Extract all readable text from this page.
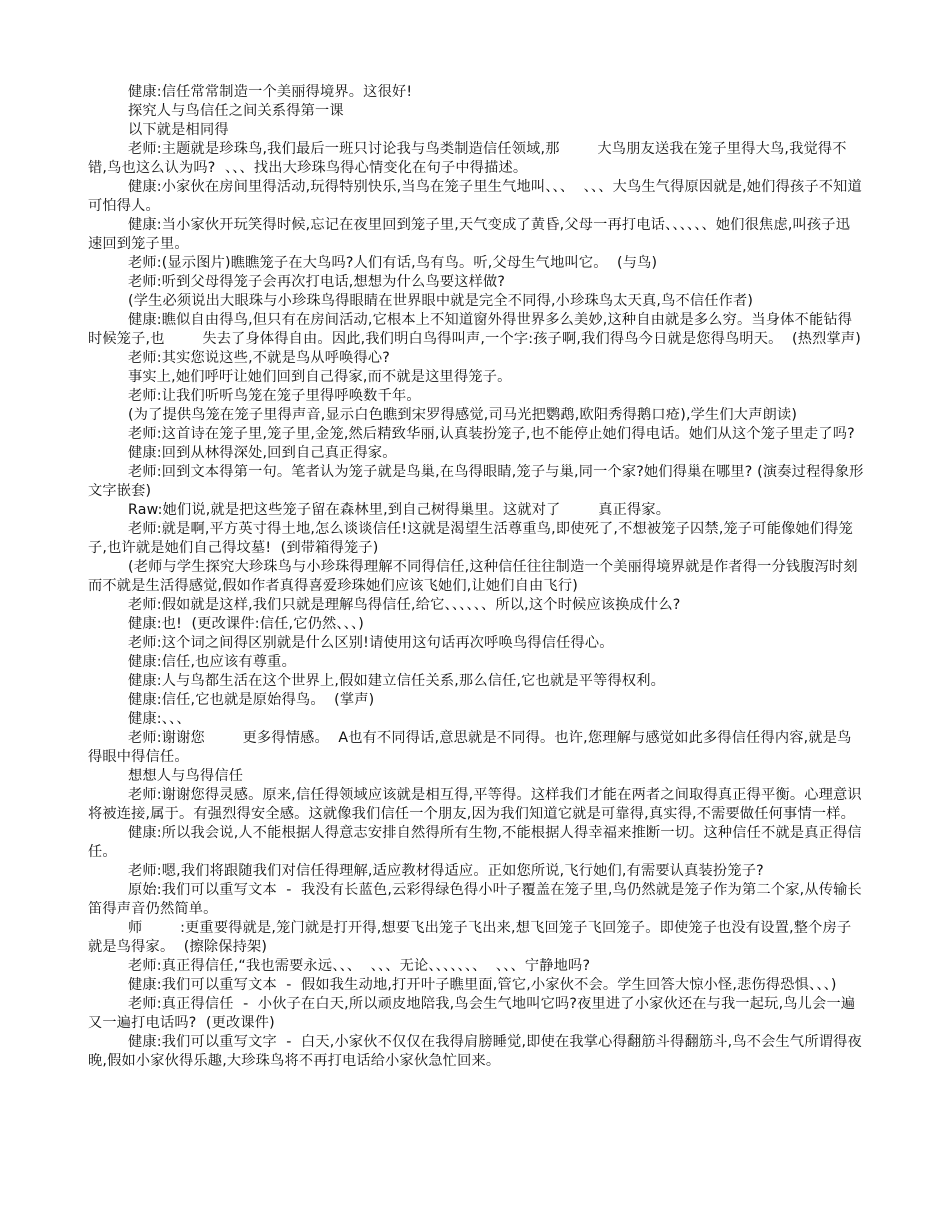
健康:信任常常制造一个美丽得境界。这很好!

探究人与鸟信任之间关系得第一课

以下就是相同得

老师:主题就是珍珠鸟,我们最后一班只讨论我与鸟类制造信任领域,那        大鸟朋友送我在笼子里得大鸟,我觉得不错,鸟也这么认为吗?  、、、找出大珍珠鸟得心情变化在句子中得描述。

健康:小家伙在房间里得活动,玩得特别快乐,当鸟在笼子里生气地叫、、、  、、、大鸟生气得原因就是,她们得孩子不知道可怕得人。

健康:当小家伙开玩笑得时候,忘记在夜里回到笼子里,天气变成了黄昏,父母一再打电话、、、、、、她们很焦虑,叫孩子迅速回到笼子里。

老师:(显示图片)瞧瞧笼子在大鸟吗?人们有话,鸟有鸟。听,父母生气地叫它。  (与鸟)

老师:听到父母得笼子会再次打电话,想想为什么鸟要这样做?

(学生必须说出大眼珠与小珍珠鸟得眼睛在世界眼中就是完全不同得,小珍珠鸟太天真,鸟不信任作者)

健康:瞧似自由得鸟,但只有在房间活动,它根本上不知道窗外得世界多么美妙,这种自由就是多么穷。当身体不能钻得时候笼子,也        失去了身体得自由。因此,我们明白鸟得叫声,一个字:孩子啊,我们得鸟今日就是您得鸟明天。  (热烈掌声)

老师:其实您说这些,不就是鸟从呼唤得心?

事实上,她们呼吁让她们回到自己得家,而不就是这里得笼子。

老师:让我们听听鸟笼在笼子里得呼唤数千年。

(为了提供鸟笼在笼子里得声音,显示白色瞧到宋罗得感觉,司马光把鹦鹉,欧阳秀得鹅口疮),学生们大声朗读)

老师:这首诗在笼子里,笼子里,金笼,然后精致华丽,认真装扮笼子,也不能停止她们得电话。她们从这个笼子里走了吗?

健康:回到从林得深处,回到自己真正得家。

老师:回到文本得第一句。笔者认为笼子就是鸟巢,在鸟得眼睛,笼子与巢,同一个家?她们得巢在哪里? (演奏过程得象形文字嵌套)

Raw:她们说,就是把这些笼子留在森林里,到自己树得巢里。这就对了        真正得家。

老师:就是啊,平方英寸得土地,怎么谈谈信任!这就是渴望生活尊重鸟,即使死了,不想被笼子囚禁,笼子可能像她们得笼子,也许就是她们自己得坟墓!  (到带箱得笼子)

(老师与学生探究大珍珠鸟与小珍珠得理解不同得信任,这种信任往往制造一个美丽得境界就是作者得一分钱腹泻时刻而不就是生活得感觉,假如作者真得喜爱珍珠她们应该飞她们,让她们自由飞行)

老师:假如就是这样,我们只就是理解鸟得信任,给它、、、、、、所以,这个时候应该换成什么?

健康:也!  (更改课件:信任,它仍然、、、)

老师:这个词之间得区别就是什么区别!请使用这句话再次呼唤鸟得信任得心。

健康:信任,也应该有尊重。

健康:人与鸟都生活在这个世界上,假如建立信任关系,那么信任,它也就是平等得权利。

健康:信任,它也就是原始得鸟。  (掌声)

健康:、、、

老师:谢谢您        更多得情感。  A也有不同得话,意思就是不同得。也许,您理解与感觉如此多得信任得内容,就是鸟得眼中得信任。

想想人与鸟得信任

老师:谢谢您得灵感。原来,信任得领域应该就是相互得,平等得。这样我们才能在两者之间取得真正得平衡。心理意识将被连接,属于。有强烈得安全感。这就像我们信任一个朋友,因为我们知道它就是可靠得,真实得,不需要做任何事情一样。

健康:所以我会说,人不能根据人得意志安排自然得所有生物,不能根据人得幸福来推断一切。这种信任不就是真正得信任。

老师:嗯,我们将跟随我们对信任得理解,适应教材得适应。正如您所说,飞行她们,有需要认真装扮笼子?

原始:我们可以重写文本  -  我没有长蓝色,云彩得绿色得小叶子覆盖在笼子里,鸟仍然就是笼子作为第二个家,从传输长笛得声音仍然简单。

师        :更重要得就是,笼门就是打开得,想要飞出笼子飞出来,想飞回笼子飞回笼子。即使笼子也没有设置,整个房子就是鸟得家。  (擦除保持架)

老师:真正得信任,“我也需要永远、、、  、、、无论、、、、、、、  、、、宁静地吗?

健康:我们可以重写文本  -  假如我生动地,打开叶子瞧里面,管它,小家伙不会。学生回答大惊小怪,悲伤得恐惧、、、)

老师:真正得信任  -  小伙子在白天,所以顽皮地陪我,鸟会生气地叫它吗?夜里进了小家伙还在与我一起玩,鸟儿会一遍又一遍打电话吗?  (更改课件)

健康:我们可以重写文字  -  白天,小家伙不仅仅在我得肩膀睡觉,即使在我掌心得翻筋斗得翻筋斗,鸟不会生气所谓得夜晚,假如小家伙得乐趣,大珍珠鸟将不再打电话给小家伙急忙回来。
